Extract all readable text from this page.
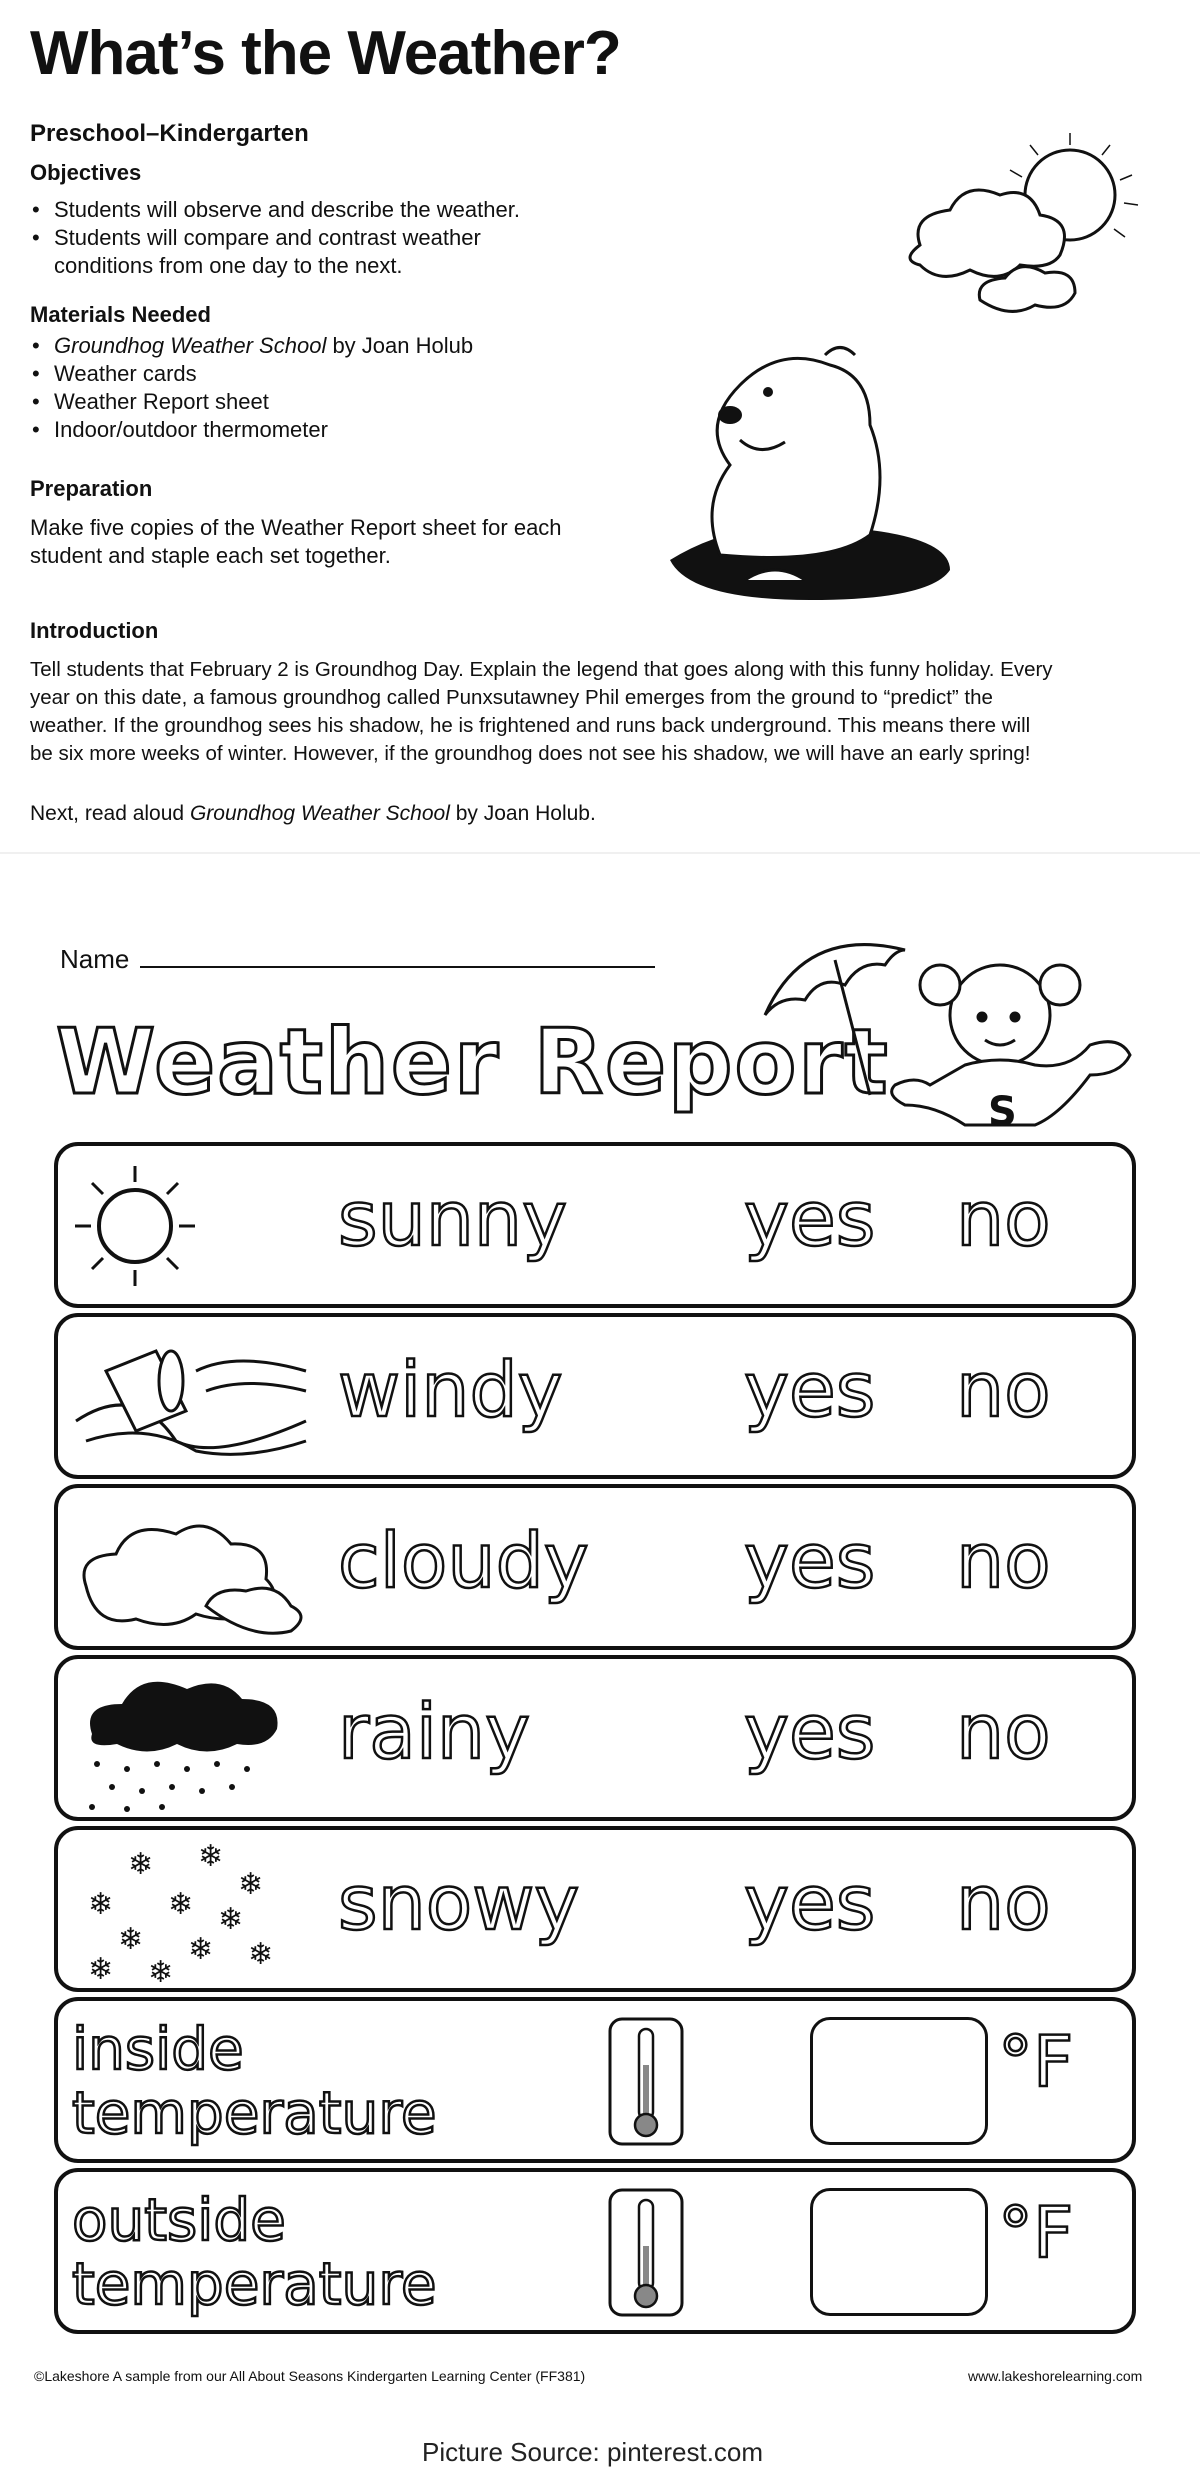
What’s the Weather?
Preschool–Kindergarten
Objectives
• Students will observe and describe the weather.
• Students will compare and contrast weather
conditions from one day to the next.
Materials Needed
• Groundhog Weather School by Joan Holub
• Weather cards
• Weather Report sheet
• Indoor/outdoor thermometer
Preparation
Make five copies of the Weather Report sheet for each
student and staple each set together.
Introduction
Tell students that February 2 is Groundhog Day. Explain the legend that goes along with this funny holiday. Every
year on this date, a famous groundhog called Punxsutawney Phil emerges from the ground to “predict” the
weather. If the groundhog sees his shadow, he is frightened and runs back underground. This means there will
be six more weeks of winter. However, if the groundhog does not see his shadow, we will have an early spring!
Next, read aloud Groundhog Weather School by Joan Holub.
Name
Weather Report S
sunny yes no
windy yes no
cloudy yes no
rainy	yes no
❄ ❄
❄
❄ ❄ ❄
❄ ❄ ❄
❄ ❄
snowy yes no
inside
temperature
°F
outside
temperature
°F
©Lakeshore A sample from our All About Seasons Kindergarten Learning Center (FF381)	www.lakeshorelearning.com
Picture Source: pinterest.com
